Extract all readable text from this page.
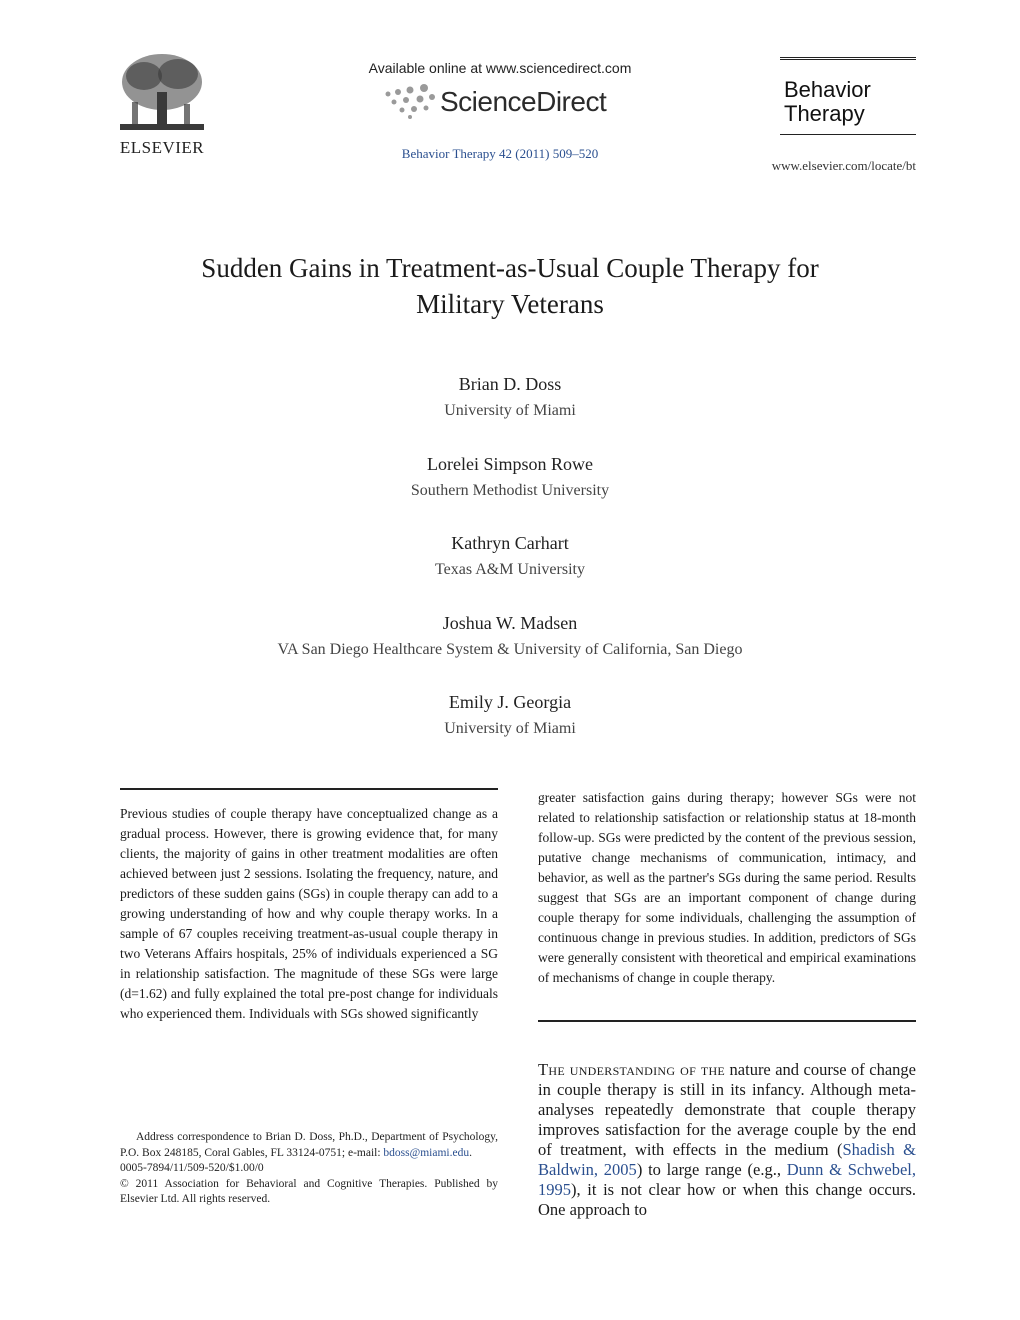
ELSEVIER
Available online at www.sciencedirect.com
ScienceDirect
Behavior Therapy 42 (2011) 509–520
Behavior
Therapy
www.elsevier.com/locate/bt
Sudden Gains in Treatment-as-Usual Couple Therapy for
Military Veterans
Brian D. Doss
University of Miami
Lorelei Simpson Rowe
Southern Methodist University
Kathryn Carhart
Texas A&M University
Joshua W. Madsen
VA San Diego Healthcare System & University of California, San Diego
Emily J. Georgia
University of Miami

Previous studies of couple therapy have conceptualized change as a gradual process. However, there is growing evidence that, for many clients, the majority of gains in other treatment modalities are often achieved between just 2 sessions. Isolating the frequency, nature, and predictors of these sudden gains (SGs) in couple therapy can add to a growing understanding of how and why couple therapy works. In a sample of 67 couples receiving treatment-as-usual couple therapy in two Veterans Affairs hospitals, 25% of individuals experienced a SG in relationship satisfaction. The magnitude of these SGs were large (d=1.62) and fully explained the total pre-post change for individuals who experienced them. Individuals with SGs showed significantly

greater satisfaction gains during therapy; however SGs were not related to relationship satisfaction or relationship status at 18-month follow-up. SGs were predicted by the content of the previous session, putative change mechanisms of communication, intimacy, and behavior, as well as the partner's SGs during the same period. Results suggest that SGs are an important component of change during couple therapy for some individuals, challenging the assumption of continuous change in previous studies. In addition, predictors of SGs were generally consistent with theoretical and empirical examinations of mechanisms of change in couple therapy.

Address correspondence to Brian D. Doss, Ph.D., Department of Psychology, P.O. Box 248185, Coral Gables, FL 33124-0751; e-mail: bdoss@miami.edu.

0005-7894/11/509-520/$1.00/0

© 2011 Association for Behavioral and Cognitive Therapies. Published by Elsevier Ltd. All rights reserved.

The understanding of the nature and course of change in couple therapy is still in its infancy. Although meta-analyses repeatedly demonstrate that couple therapy improves satisfaction for the average couple by the end of treatment, with effects in the medium (Shadish & Baldwin, 2005) to large range (e.g., Dunn & Schwebel, 1995), it is not clear how or when this change occurs. One approach to
